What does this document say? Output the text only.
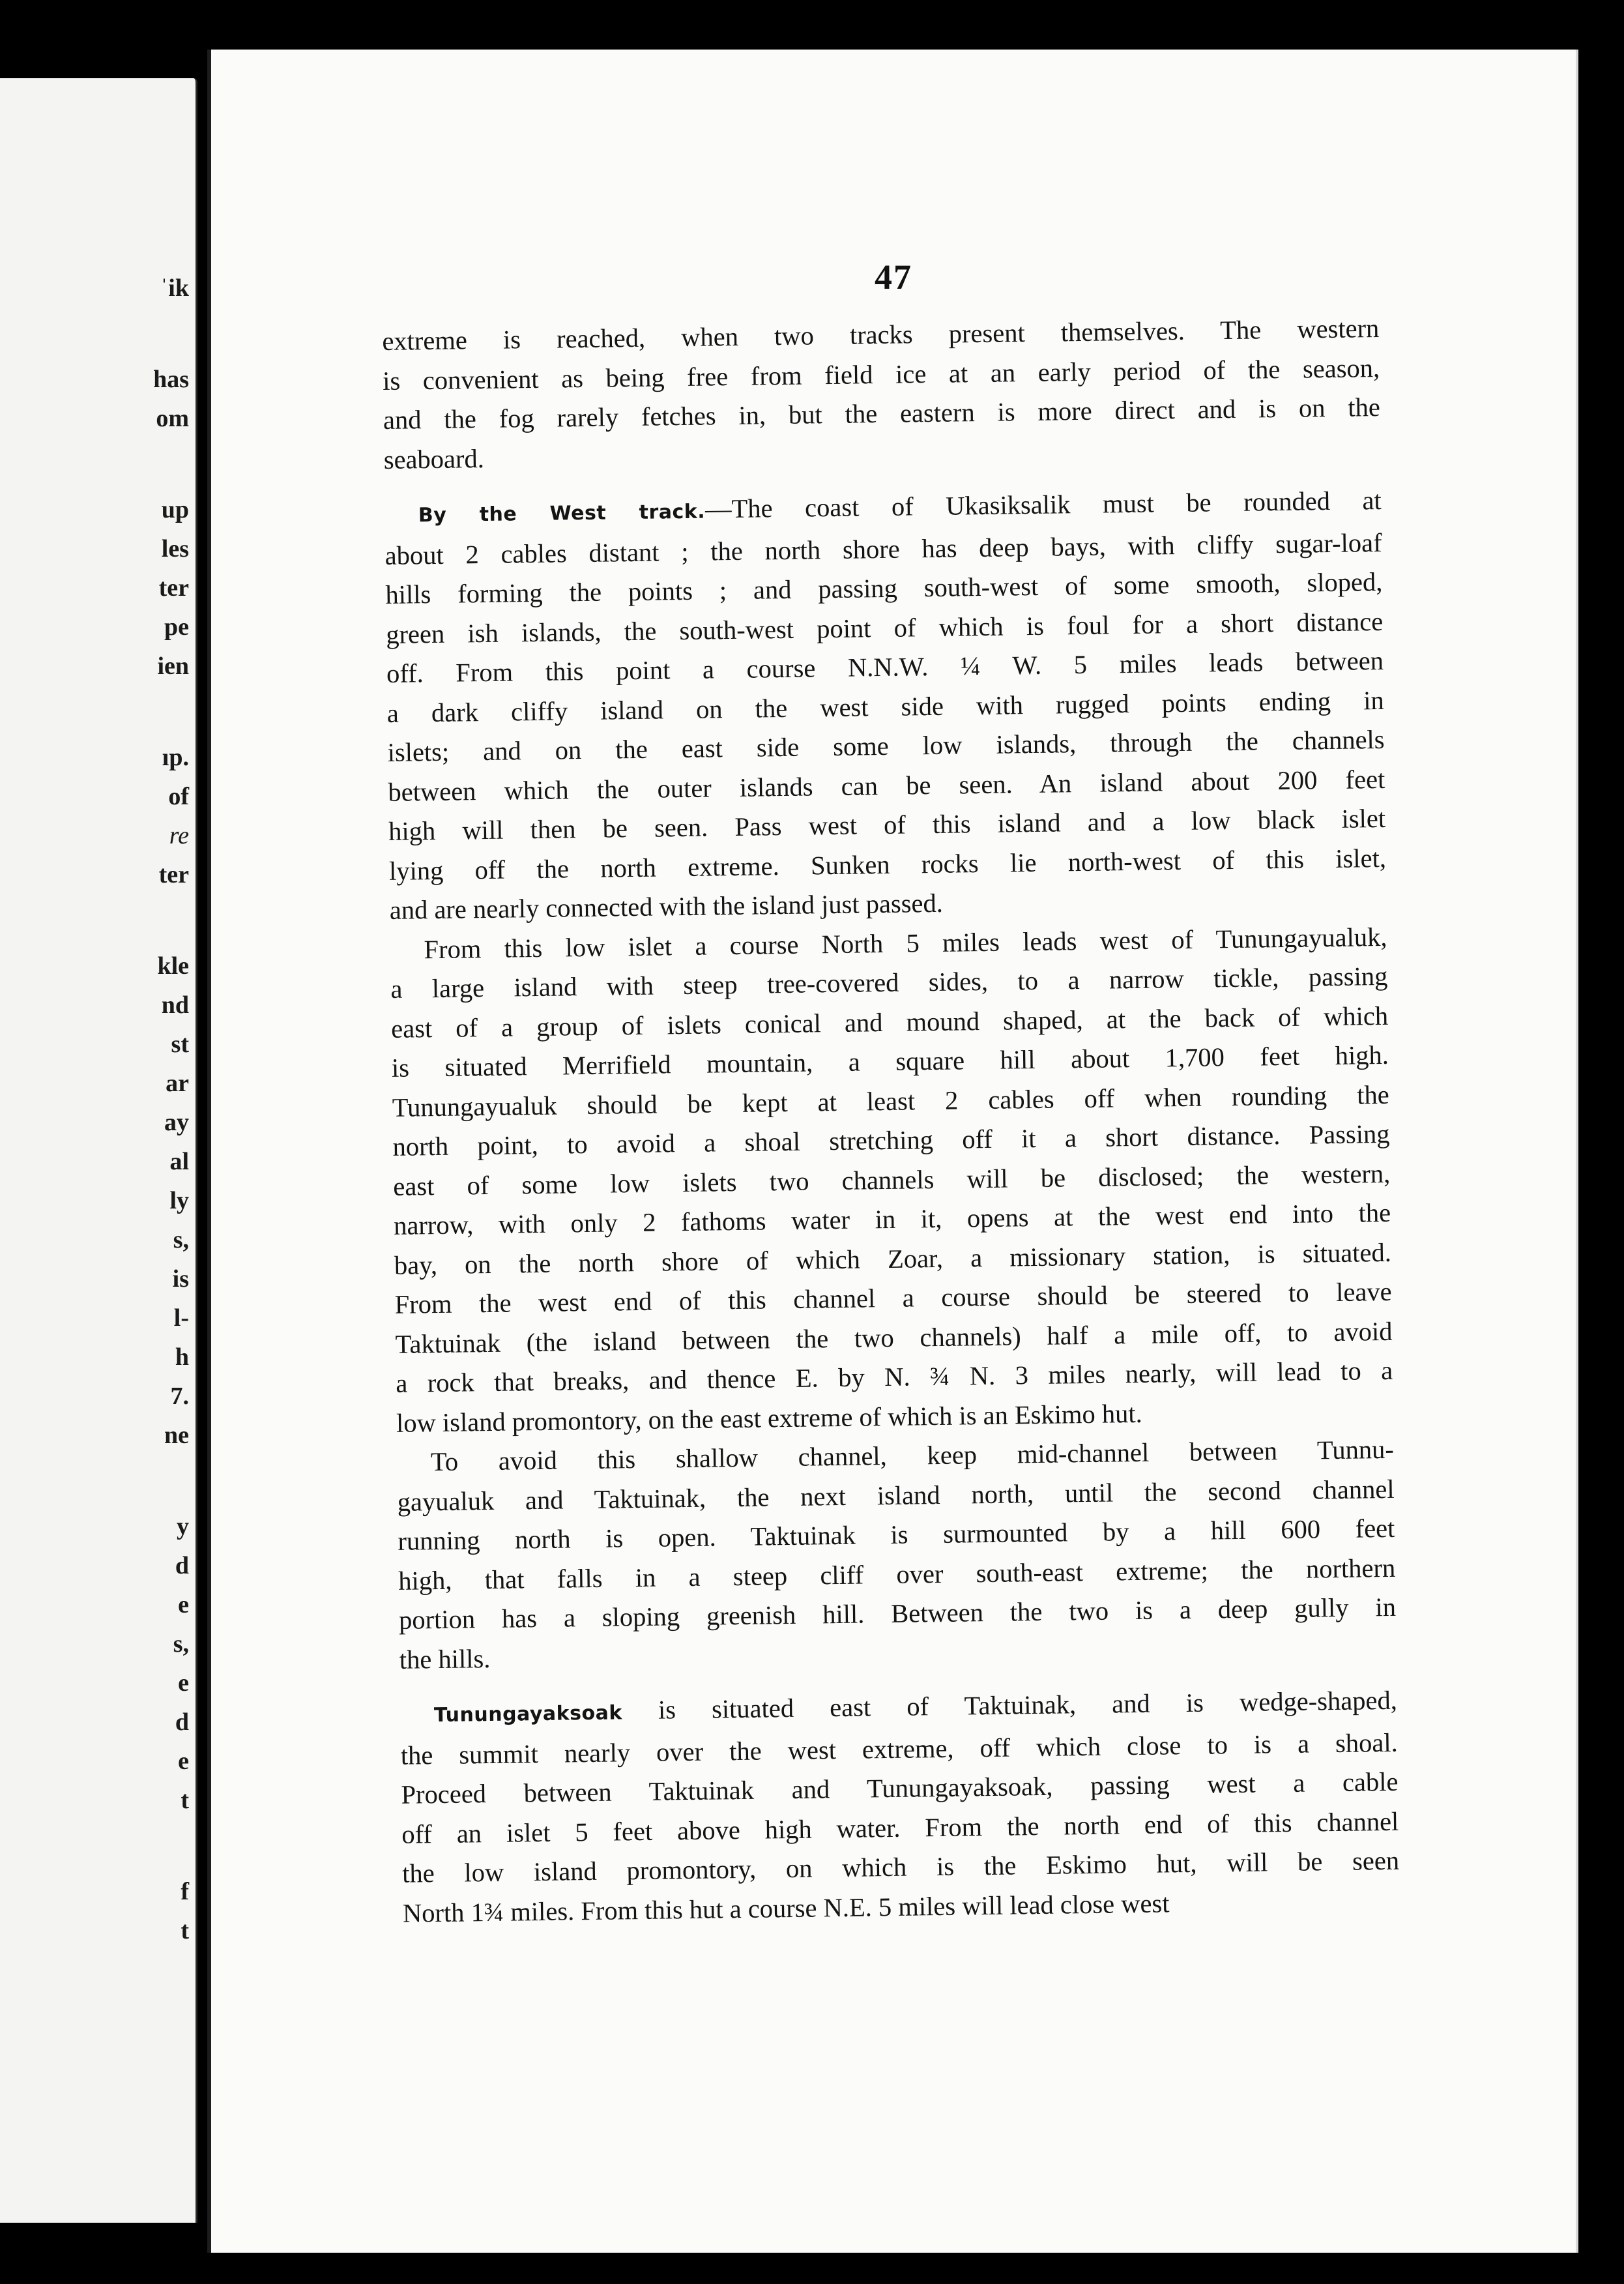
ˈik
has
om
up
les
ter
pe
ien
ıp.
of
re
ter
kle
nd
st
ar
ay
al
ly
s,
is
l-
h
7.
ne
y
d
e
s,
e
d
e
t
f
t
47
extreme is reached, when two tracks present themselves. The western
is convenient as being free from field ice at an early period of the season,
and the fog rarely fetches in, but the eastern is more direct and is on the
seaboard.
By the West track.—The coast of Ukasiksalik must be rounded at
about 2 cables distant ; the north shore has deep bays, with cliffy sugar-loaf
hills forming the points ; and passing south-west of some smooth, sloped,
green ish islands, the south-west point of which is foul for a short distance
off. From this point a course N.N.W. ¼ W. 5 miles leads between
a dark cliffy island on the west side with rugged points ending in
islets; and on the east side some low islands, through the channels
between which the outer islands can be seen. An island about 200 feet
high will then be seen. Pass west of this island and a low black islet
lying off the north extreme. Sunken rocks lie north-west of this islet,
and are nearly connected with the island just passed.
From this low islet a course North 5 miles leads west of Tunungayualuk,
a large island with steep tree-covered sides, to a narrow tickle, passing
east of a group of islets conical and mound shaped, at the back of which
is situated Merrifield mountain, a square hill about 1,700 feet high.
Tunungayualuk should be kept at least 2 cables off when rounding the
north point, to avoid a shoal stretching off it a short distance. Passing
east of some low islets two channels will be disclosed; the western,
narrow, with only 2 fathoms water in it, opens at the west end into the
bay, on the north shore of which Zoar, a missionary station, is situated.
From the west end of this channel a course should be steered to leave
Taktuinak (the island between the two channels) half a mile off, to avoid
a rock that breaks, and thence E. by N. ¾ N. 3 miles nearly, will lead to a
low island promontory, on the east extreme of which is an Eskimo hut.
To avoid this shallow channel, keep mid-channel between Tunnu-
gayualuk and Taktuinak, the next island north, until the second channel
running north is open. Taktuinak is surmounted by a hill 600 feet
high, that falls in a steep cliff over south-east extreme; the northern
portion has a sloping greenish hill. Between the two is a deep gully in
the hills.
Tunungayaksoak is situated east of Taktuinak, and is wedge-shaped,
the summit nearly over the west extreme, off which close to is a shoal.
Proceed between Taktuinak and Tunungayaksoak, passing west a cable
off an islet 5 feet above high water. From the north end of this channel
the low island promontory, on which is the Eskimo hut, will be seen
North 1¾ miles. From this hut a course N.E. 5 miles will lead close west
